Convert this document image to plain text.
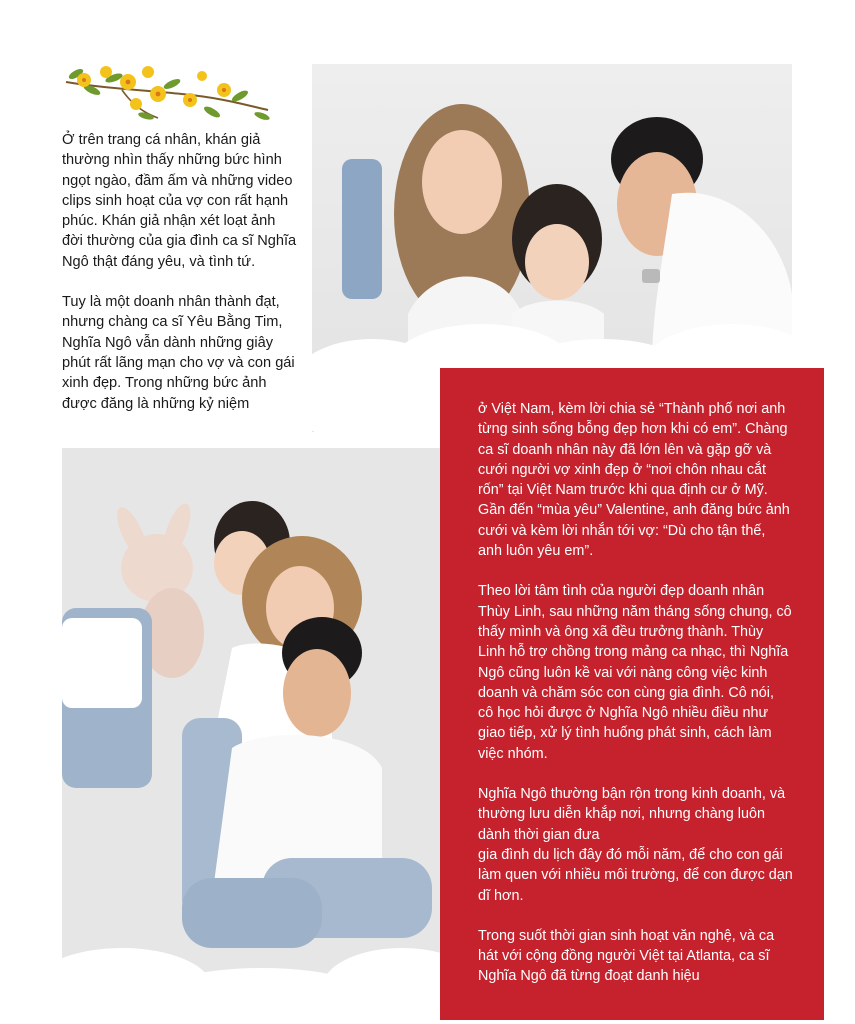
Ở trên trang cá nhân, khán giả thường nhìn thấy những bức hình ngọt ngào, đầm ấm và những video clips sinh hoạt của vợ con rất hạnh phúc. Khán giả nhận xét loạt ảnh đời thường của gia đình ca sĩ Nghĩa Ngô thật đáng yêu, và tình tứ.

Tuy là một doanh nhân thành đạt, nhưng chàng ca sĩ Yêu Bằng Tim, Nghĩa Ngô vẫn dành những giây phút rất lãng mạn cho vợ và con gái xinh đẹp. Trong những bức ảnh được đăng là những kỷ niệm	ở Việt Nam, kèm lời chia sẻ “Thành phố nơi anh từng sinh sống bỗng đẹp hơn khi có em”. Chàng ca sĩ doanh nhân này đã lớn lên và gặp gỡ và cưới người vợ xinh đẹp ở “nơi chôn nhau cắt rốn” tại Việt Nam trước khi qua định cư ở Mỹ. Gần đến “mùa yêu” Valentine, anh đăng bức ảnh cưới và kèm lời nhắn tới vợ: “Dù cho tận thế, anh luôn yêu em”.

Theo lời tâm tình của người đẹp doanh nhân Thùy Linh, sau những năm tháng sống chung, cô thấy mình và ông xã đều trưởng thành. Thùy Linh hỗ trợ chồng trong mảng ca nhạc, thì Nghĩa Ngô cũng luôn kề vai với nàng công việc kinh doanh và chăm sóc con cùng gia đình. Cô nói, cô học hỏi được ở Nghĩa Ngô nhiều điều như giao tiếp, xử lý tình huống phát sinh, cách làm việc nhóm.

Nghĩa Ngô thường bận rộn trong kinh doanh, và thường lưu diễn khắp nơi, nhưng chàng luôn dành thời gian đưa
gia đình du lịch đây đó mỗi năm, để cho con gái làm quen với nhiều môi trường, để con được dạn dĩ hơn.

Trong suốt thời gian sinh hoạt văn nghệ, và ca hát với cộng đồng người Việt tại Atlanta, ca sĩ Nghĩa Ngô đã từng đoạt danh hiệu
